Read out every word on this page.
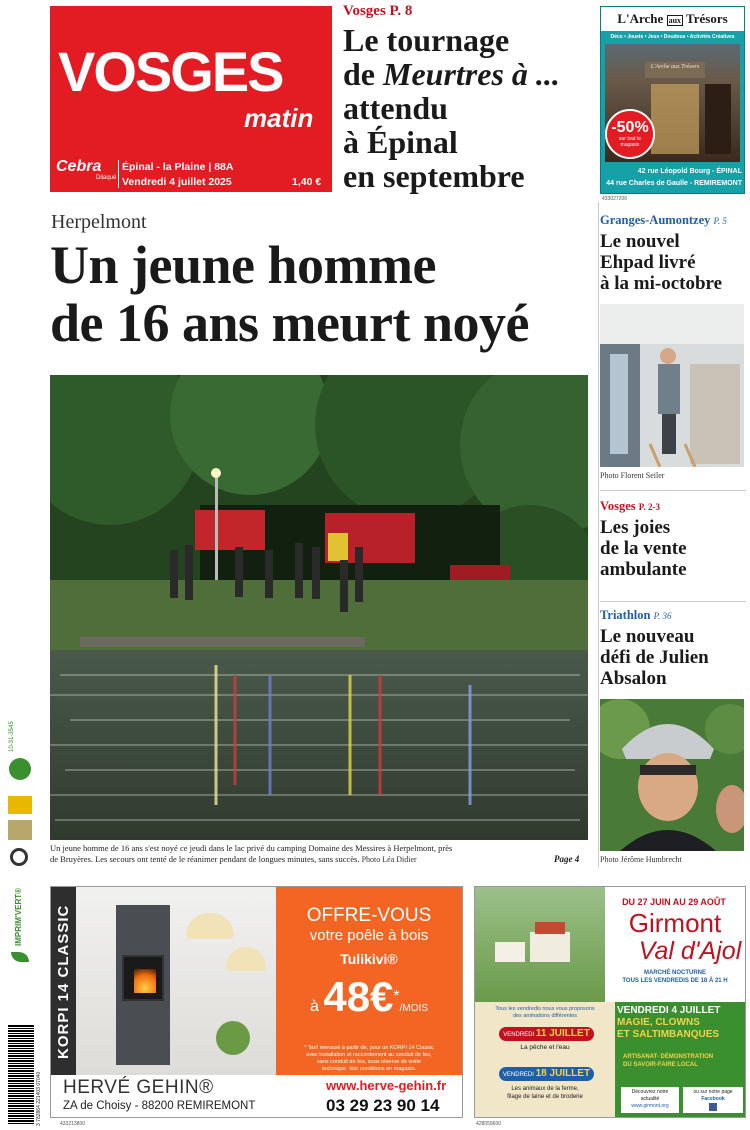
VOSGES
matin
Cebra
Dilaqué
Épinal - la Plaine | 88A
Vendredi 4 juillet 2025	1,40 €
Vosges P. 8
Le tournage
de Meurtres à ...
attendu
à Épinal
en septembre
L'Arche aux Trésors
Déco • Jouets • Jeux • Doudous • Activités Créatives
L'Arche aux Trésors
-50%
sur tout le magasin
42 rue Léopold Bourg - ÉPINAL
44 rue Charles de Gaulle - REMIREMONT
433027200
Herpelmont
Un jeune homme
de 16 ans meurt noyé
Un jeune homme de 16 ans s'est noyé ce jeudi dans le lac privé du camping Domaine des Messires à Herpelmont, près
de Bruyères. Les secours ont tenté de le réanimer pendant de longues minutes, sans succès. Photo Léa Didier	Page 4
Granges-Aumontzey P. 5
Le nouvel
Ehpad livré
à la mi-octobre
Photo Florent Seiler
Vosges P. 2-3
Les joies
de la vente
ambulante
Triathlon P. 36
Le nouveau
défi de Julien
Absalon
Photo Jérôme Humbrecht
10-31-3545
IMPRIM'VERT®
3 782864 221403 07040
KORPI 14 CLASSIC	OFFRE-VOUS
votre poêle à bois
Tulikivi®
à 48€*/MOIS
* Tarif mensuel à partir de, pour un KORPI 14 Classic
avec installation et raccordement au conduit de feu,
sans conduit de feu, sous réserve de visite
technique. Voir conditions en magasin.
HERVÉ GEHIN®
ZA de Choisy - 88200 REMIREMONT
www.herve-gehin.fr
03 29 23 90 14
433213800
DU 27 JUIN AU 29 AOÛT
Girmont
Val d'Ajol
MARCHÉ NOCTURNE
TOUS LES VENDREDIS DE 18 À 21 H
Tous les vendredis nous vous proposons
des animations différentes
VENDREDI 11 JUILLET
La pêche et l'eau
VENDREDI 18 JUILLET
Les animaux de la ferme,
filage de laine et de broderie
VENDREDI 4 JUILLET
MAGIE, CLOWNS
ET SALTIMBANQUES
ARTISANAT- DÉMONSTRATION
DU SAVOIR-FAIRE LOCAL
Découvrez notre
actualité
www.girmont.org
ou sur notre page
Facebook
428059600
